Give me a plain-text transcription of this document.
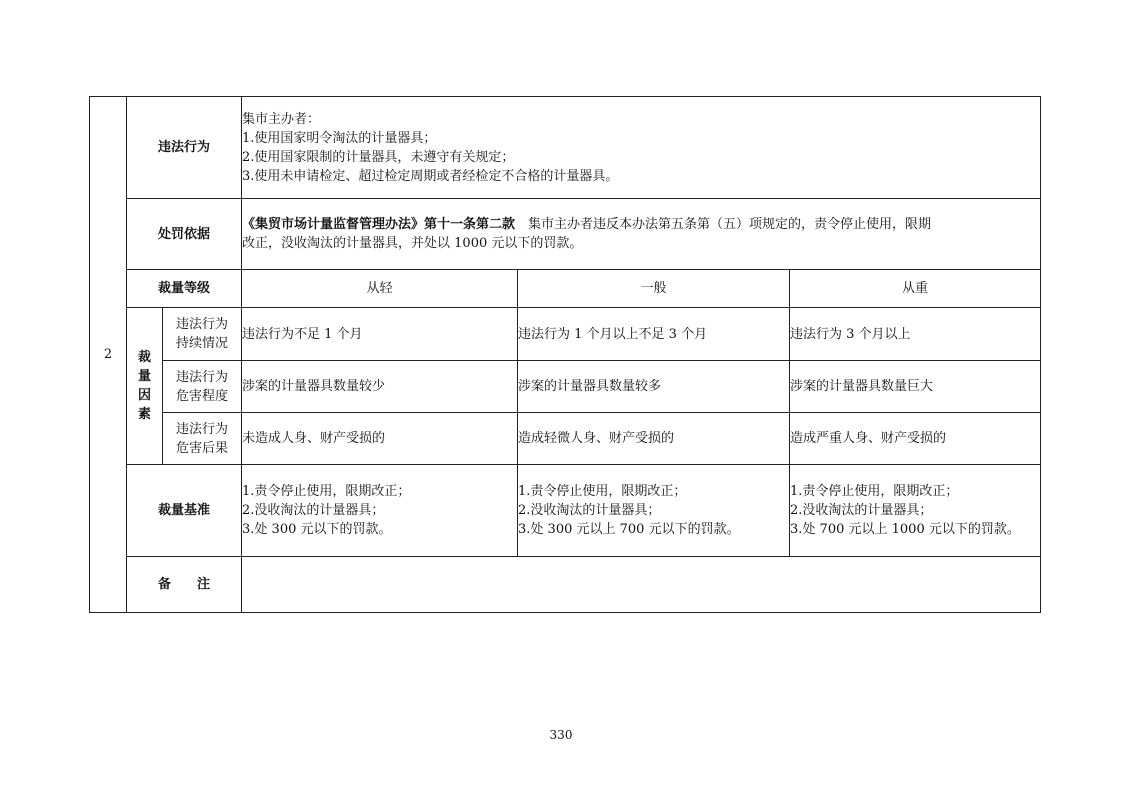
2	违法行为		集市主办者：
1.使用国家明令淘汰的计量器具；
2.使用国家限制的计量器具，未遵守有关规定；
3.使用未申请检定、超过检定周期或者经检定不合格的计量器具。		

	处罚依据		《集贸市场计量监督管理办法》第十一条第二款　集市主办者违反本办法第五条第（五）项规定的，责令停止使用，限期
改正，没收淘汰的计量器具，并处以 1000 元以下的罚款。		

	裁量等级		从轻	一般	从重

	裁
量
因
素	违法行为
持续情况	违法行为不足 1 个月	违法行为 1 个月以上不足 3 个月	违法行为 3 个月以上

		违法行为
危害程度	涉案的计量器具数量较少	涉案的计量器具数量较多	涉案的计量器具数量巨大

		违法行为
危害后果	未造成人身、财产受损的	造成轻微人身、财产受损的	造成严重人身、财产受损的
	裁量基准		1.责令停止使用，限期改正；
2.没收淘汰的计量器具；
3.处 300 元以下的罚款。	1.责令停止使用，限期改正；
2.没收淘汰的计量器具；
3.处 300 元以上 700 元以下的罚款。	1.责令停止使用，限期改正；
2.没收淘汰的计量器具；
3.处 700 元以上 1000 元以下的罚款。

	备　　注				
330
